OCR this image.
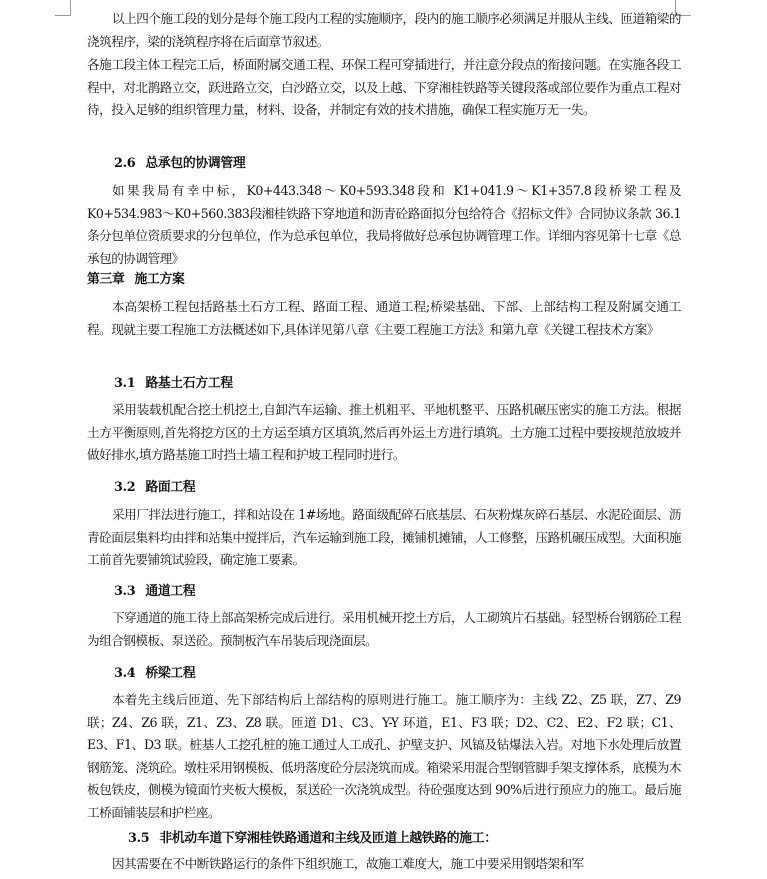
以上四个施工段的划分是每个施工段内工程的实施顺序，段内的施工顺序必须满足并服从主线、匝道箱梁的浇筑程序，梁的浇筑程序将在后面章节叙述。

各施工段主体工程完工后，桥面附属交通工程、环保工程可穿插进行，并注意分段点的衔接问题。在实施各段工程中，对北鹊路立交，跃进路立交，白沙路立交，以及上越、下穿湘桂铁路等关键段落或部位要作为重点工程对待，投入足够的组织管理力量，材料、设备，并制定有效的技术措施，确保工程实施万无一失。

2.6 总承包的协调管理

如果我局有幸中标，K0+443.348～K0+593.348段和 K1+041.9～K1+357.8段桥梁工程及K0+534.983～K0+560.383段湘桂铁路下穿地道和沥青砼路面拟分包给符合《招标文件》合同协议条款 36.1 条分包单位资质要求的分包单位，作为总承包单位，我局将做好总承包协调管理工作。详细内容见第十七章《总承包的协调管理》

第三章 施工方案

本高架桥工程包括路基土石方工程、路面工程、通道工程;桥梁基础、下部、上部结构工程及附属交通工程。现就主要工程施工方法概述如下,具体详见第八章《主要工程施工方法》和第九章《关键工程技术方案》

3.1 路基土石方工程

采用装载机配合挖土机挖土,自卸汽车运输、推土机粗平、平地机整平、压路机碾压密实的施工方法。根据土方平衡原则,首先将挖方区的土方运至填方区填筑,然后再外运土方进行填筑。土方施工过程中要按规范放坡并做好排水,填方路基施工时挡土墙工程和护坡工程同时进行。

3.2 路面工程

采用厂拌法进行施工，拌和站设在 1#场地。路面级配碎石底基层、石灰粉煤灰碎石基层、水泥砼面层、沥青砼面层集料均由拌和站集中搅拌后，汽车运输到施工段，摊铺机摊铺，人工修整，压路机碾压成型。大面积施工前首先要铺筑试验段，确定施工要素。

3.3 通道工程

下穿通道的施工待上部高架桥完成后进行。采用机械开挖土方后，人工砌筑片石基础。轻型桥台钢筋砼工程为组合钢模板、泵送砼。预制板汽车吊装后现浇面层。

3.4 桥梁工程

本着先主线后匝道、先下部结构后上部结构的原则进行施工。施工顺序为：主线 Z2、Z5 联，Z7、Z9 联；Z4、Z6 联，Z1、Z3、Z8 联。匝道 D1、C3、Y-Y 环道，E1、F3 联；D2、C2、E2、F2 联；C1、E3、F1、D3 联。桩基人工挖孔桩的施工通过人工成孔、护壁支护、风镐及钻爆法入岩。对地下水处理后放置钢筋笼、浇筑砼。墩柱采用钢模板、低坍落度砼分层浇筑而成。箱梁采用混合型钢管脚手架支撑体系，底模为木板包铁皮，侧模为镜面竹夹板大模板，泵送砼一次浇筑成型。待砼强度达到 90%后进行预应力的施工。最后施工桥面铺装层和护栏座。

3.5 非机动车道下穿湘桂铁路通道和主线及匝道上越铁路的施工：

因其需要在不中断铁路运行的条件下组织施工，故施工难度大，施工中要采用钢塔架和军
